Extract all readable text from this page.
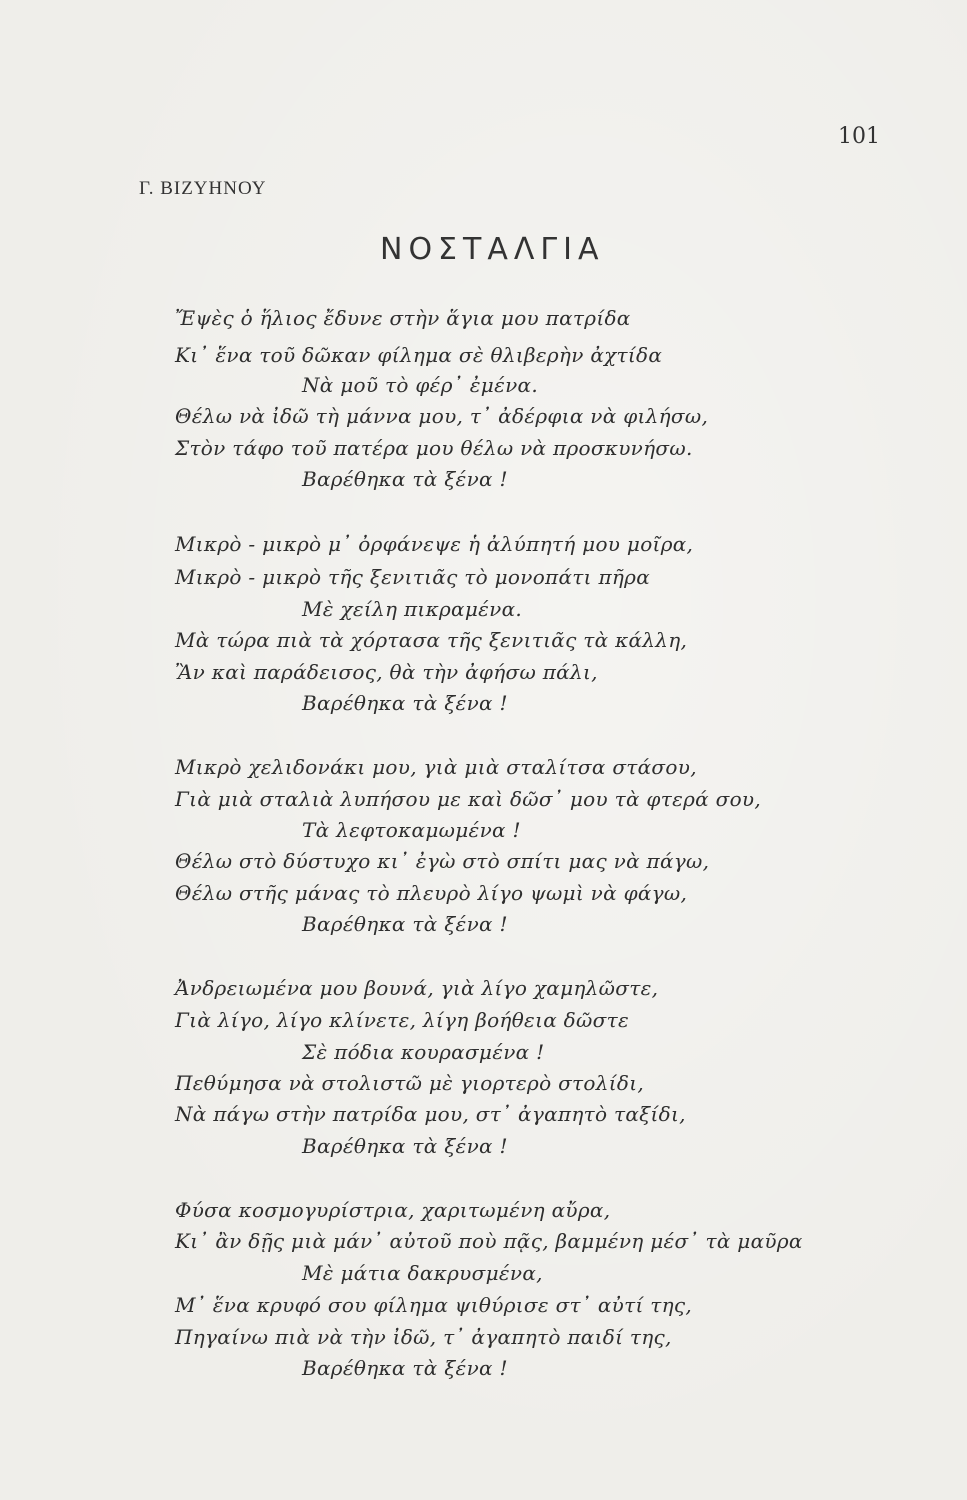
101
Γ. ΒΙΖΥΗΝΟΥ
ΝΟΣΤΑΛΓΙΑ
Ἔψὲς ὁ ἥλιος ἔδυνε στὴν ἅγια μου πατρίδα
Κι᾿ ἕνα τοῦ δῶκαν φίλημα σὲ θλιβερὴν ἀχτίδα
Νὰ μοῦ τὸ φέρ᾿ ἐμένα.
Θέλω νὰ ἰδῶ τὴ μάννα μου, τ᾿ ἀδέρφια νὰ φιλήσω,
Στὸν τάφο τοῦ πατέρα μου θέλω νὰ προσκυνήσω.
Βαρέθηκα τὰ ξένα !
Μικρὸ - μικρὸ μ᾿ ὀρφάνεψε ἡ ἀλύπητή μου μοῖρα,
Μικρὸ - μικρὸ τῆς ξενιτιᾶς τὸ μονοπάτι πῆρα
Μὲ χείλη πικραμένα.
Μὰ τώρα πιὰ τὰ χόρτασα τῆς ξενιτιᾶς τὰ κάλλη,
Ἂν καὶ παράδεισος, θὰ τὴν ἀφήσω πάλι,
Βαρέθηκα τὰ ξένα !
Μικρὸ χελιδονάκι μου, γιὰ μιὰ σταλίτσα στάσου,
Γιὰ μιὰ σταλιὰ λυπήσου με καὶ δῶσ᾿ μου τὰ φτερά σου,
Τὰ λεφτοκαμωμένα !
Θέλω στὸ δύστυχο κι᾿ ἐγὼ στὸ σπίτι μας νὰ πάγω,
Θέλω στῆς μάνας τὸ πλευρὸ λίγο ψωμὶ νὰ φάγω,
Βαρέθηκα τὰ ξένα !
Ἀνδρειωμένα μου βουνά, γιὰ λίγο χαμηλῶστε,
Γιὰ λίγο, λίγο κλίνετε, λίγη βοήθεια δῶστε
Σὲ πόδια κουρασμένα !
Πεθύμησα νὰ στολιστῶ μὲ γιορτερὸ στολίδι,
Νὰ πάγω στὴν πατρίδα μου, στ᾿ ἀγαπητὸ ταξίδι,
Βαρέθηκα τὰ ξένα !
Φύσα κοσμογυρίστρια, χαριτωμένη αὔρα,
Κι᾿ ἂν δῇς μιὰ μάν᾿ αὐτοῦ ποὺ πᾷς, βαμμένη μέσ᾿ τὰ μαῦρα
Μὲ μάτια δακρυσμένα,
Μ᾿ ἕνα κρυφό σου φίλημα ψιθύρισε στ᾿ αὐτί της,
Πηγαίνω πιὰ νὰ τὴν ἰδῶ, τ᾿ ἀγαπητὸ παιδί της,
Βαρέθηκα τὰ ξένα !
